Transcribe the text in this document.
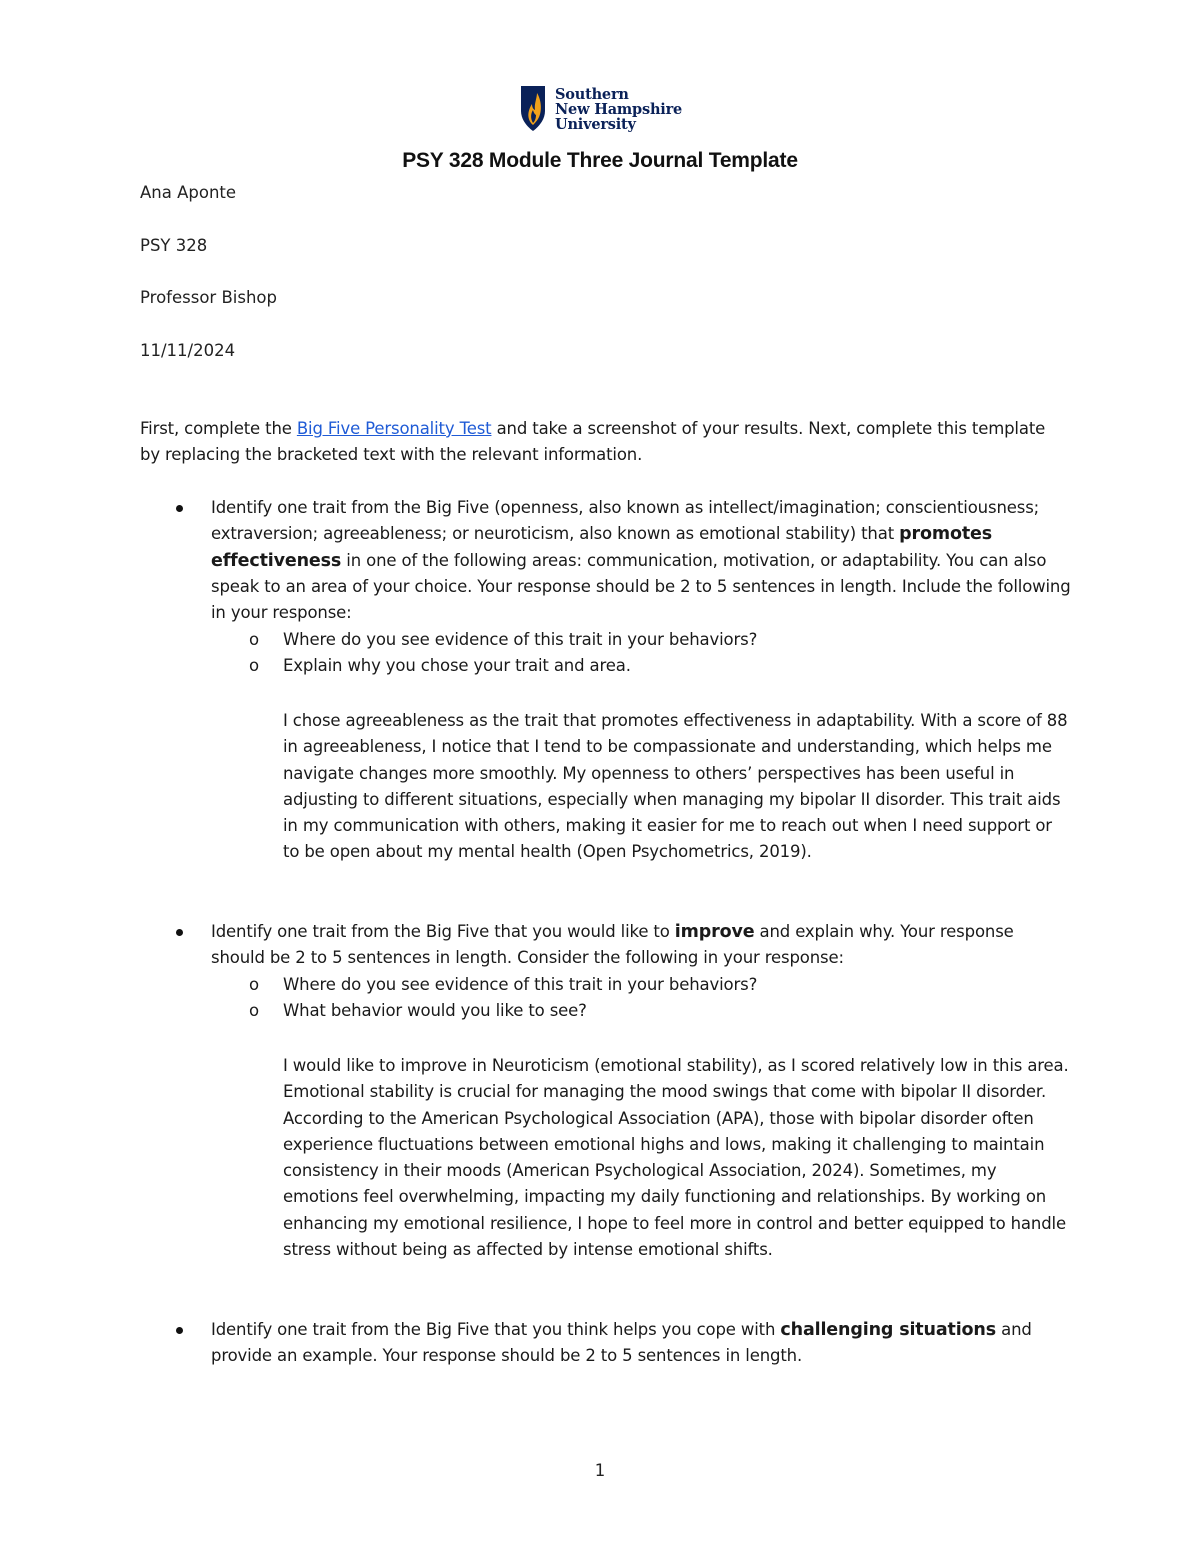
Southern
New Hampshire
University
PSY 328 Module Three Journal Template
Ana Aponte
PSY 328
Professor Bishop
11/11/2024
First, complete the Big Five Personality Test and take a screenshot of your results. Next, complete this template by replacing the bracketed text with the relevant information.
Identify one trait from the Big Five (openness, also known as intellect/imagination; conscientiousness; extraversion; agreeableness; or neuroticism, also known as emotional stability) that promotes effectiveness in one of the following areas: communication, motivation, or adaptability. You can also speak to an area of your choice. Your response should be 2 to 5 sentences in length. Include the following in your response:
o Where do you see evidence of this trait in your behaviors?
o Explain why you chose your trait and area.
I chose agreeableness as the trait that promotes effectiveness in adaptability. With a score of 88 in agreeableness, I notice that I tend to be compassionate and understanding, which helps me navigate changes more smoothly. My openness to others’ perspectives has been useful in adjusting to different situations, especially when managing my bipolar II disorder. This trait aids in my communication with others, making it easier for me to reach out when I need support or to be open about my mental health (Open Psychometrics, 2019).
Identify one trait from the Big Five that you would like to improve and explain why. Your response should be 2 to 5 sentences in length. Consider the following in your response:
o Where do you see evidence of this trait in your behaviors?
o What behavior would you like to see?
I would like to improve in Neuroticism (emotional stability), as I scored relatively low in this area. Emotional stability is crucial for managing the mood swings that come with bipolar II disorder. According to the American Psychological Association (APA), those with bipolar disorder often experience fluctuations between emotional highs and lows, making it challenging to maintain consistency in their moods (American Psychological Association, 2024). Sometimes, my emotions feel overwhelming, impacting my daily functioning and relationships. By working on enhancing my emotional resilience, I hope to feel more in control and better equipped to handle stress without being as affected by intense emotional shifts.
Identify one trait from the Big Five that you think helps you cope with challenging situations and provide an example. Your response should be 2 to 5 sentences in length.
1
